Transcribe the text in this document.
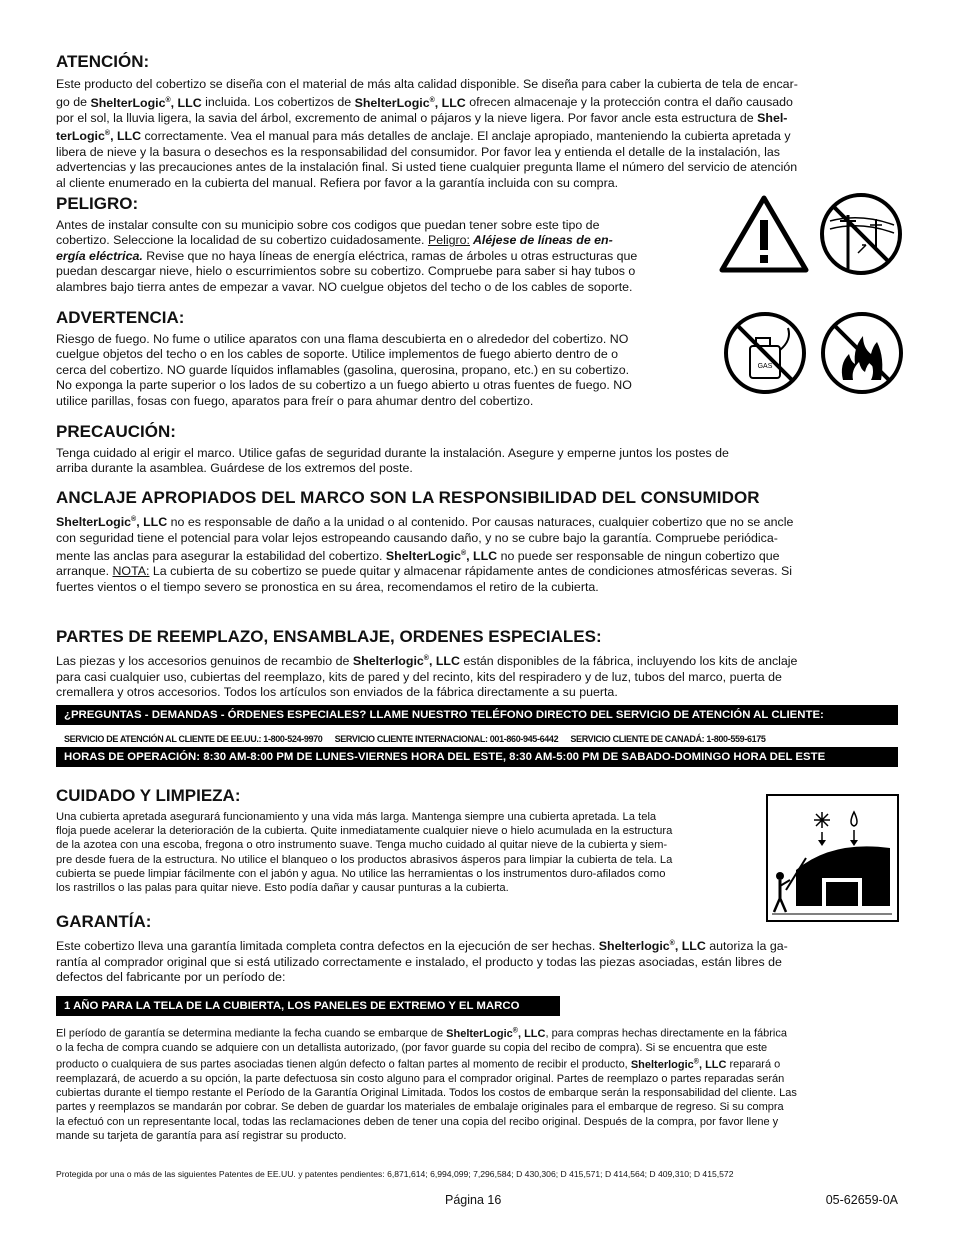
ATENCIÓN:
Este producto del cobertizo se diseña con el material de más alta calidad disponible. Se diseña para caber la cubierta de tela de encar-
go de ShelterLogic®, LLC incluida. Los cobertizos de ShelterLogic®, LLC ofrecen almacenaje y la protección contra el daño causado
por el sol, la lluvia ligera, la savia del árbol, excremento de animal o pájaros y la nieve ligera. Por favor ancle esta estructura de Shel-
terLogic®, LLC correctamente. Vea el manual para más detalles de anclaje. El anclaje apropiado, manteniendo la cubierta apretada y
libera de nieve y la basura o desechos es la responsabilidad del consumidor. Por favor lea y entienda el detalle de la instalación, las
advertencias y las precauciones antes de la instalación final. Si usted tiene cualquier pregunta llame el número del servicio de atención
al cliente enumerado en la cubierta del manual. Refiera por favor a la garantía incluida con su compra.
PELIGRO:
Antes de instalar consulte con su municipio sobre cos codigos que puedan tener sobre este tipo de
cobertizo. Seleccione la localidad de su cobertizo cuidadosamente. Peligro: Aléjese de líneas de en-
ergía eléctrica. Revise que no haya líneas de energía eléctrica, ramas de árboles u otras estructuras que
puedan descargar nieve, hielo o escurrimientos sobre su cobertizo. Compruebe para saber si hay tubos o
alambres bajo tierra antes de empezar a vavar. NO cuelgue objetos del techo o de los cables de soporte.
ADVERTENCIA:
Riesgo de fuego. No fume o utilice aparatos con una flama descubierta en o alrededor del cobertizo. NO
cuelgue objetos del techo o en los cables de soporte. Utilice implementos de fuego abierto dentro de o
cerca del cobertizo. NO guarde líquidos inflamables (gasolina, querosina, propano, etc.) en su cobertizo.
No exponga la parte superior o los lados de su cobertizo a un fuego abierto u otras fuentes de fuego. NO
utilice parillas, fosas con fuego, aparatos para freír o para ahumar dentro del cobertizo.
GAS
PRECAUCIÓN:
Tenga cuidado al erigir el marco. Utilice gafas de seguridad durante la instalación. Asegure y emperne juntos los postes de
arriba durante la asamblea. Guárdese de los extremos del poste.
ANCLAJE APROPIADOS DEL MARCO SON LA RESPONSIBILIDAD DEL CONSUMIDOR
ShelterLogic®, LLC no es responsable de daño a la unidad o al contenido. Por causas naturaces, cualquier cobertizo que no se ancle
con seguridad tiene el potencial para volar lejos estropeando causando daño, y no se cubre bajo la garantía. Compruebe periódica-
mente las anclas para asegurar la estabilidad del cobertizo. ShelterLogic®, LLC no puede ser responsable de ningun cobertizo que
arranque. NOTA: La cubierta de su cobertizo se puede quitar y almacenar rápidamente antes de condiciones atmosféricas severas. Si
fuertes vientos o el tiempo severo se pronostica en su área, recomendamos el retiro de la cubierta.
PARTES DE REEMPLAZO, ENSAMBLAJE, ORDENES ESPECIALES:
Las piezas y los accesorios genuinos de recambio de Shelterlogic®, LLC están disponibles de la fábrica, incluyendo los kits de anclaje
para casi cualquier uso, cubiertas del reemplazo, kits de pared y del recinto, kits del respiradero y de luz, tubos del marco, puerta de
cremallera y otros accesorios. Todos los artículos son enviados de la fábrica directamente a su puerta.
¿PREGUNTAS - DEMANDAS - ÓRDENES ESPECIALES? LLAME NUESTRO TELÉFONO DIRECTO DEL SERVICIO DE ATENCIÓN AL CLIENTE:
SERVICIO DE ATENCIÓN AL CLIENTE DE EE.UU.: 1-800-524-9970 SERVICIO CLIENTE INTERNACIONAL: 001-860-945-6442 SERVICIO CLIENTE DE CANADÁ: 1-800-559-6175
HORAS DE OPERACIÓN: 8:30 AM-8:00 PM DE LUNES-VIERNES HORA DEL ESTE, 8:30 AM-5:00 PM DE SABADO-DOMINGO HORA DEL ESTE
CUIDADO Y LIMPIEZA:
Una cubierta apretada asegurará funcionamiento y una vida más larga. Mantenga siempre una cubierta apretada. La tela
floja puede acelerar la deterioración de la cubierta. Quite inmediatamente cualquier nieve o hielo acumulada en la estructura
de la azotea con una escoba, fregona o otro instrumento suave. Tenga mucho cuidado al quitar nieve de la cubierta y siem-
pre desde fuera de la estructura. No utilice el blanqueo o los productos abrasivos ásperos para limpiar la cubierta de tela. La
cubierta se puede limpiar fácilmente con el jabón y agua. No utilice las herramientas o los instrumentos duro-afilados como
los rastrillos o las palas para quitar nieve. Esto podía dañar y causar punturas a la cubierta.
GARANTÍA:
Este cobertizo lleva una garantía limitada completa contra defectos en la ejecución de ser hechas. Shelterlogic®, LLC autoriza la ga-
rantía al comprador original que si está utilizado correctamente e instalado, el producto y todas las piezas asociadas, están libres de
defectos del fabricante por un período de:
1 AÑO PARA LA TELA DE LA CUBIERTA, LOS PANELES DE EXTREMO Y EL MARCO
El período de garantía se determina mediante la fecha cuando se embarque de ShelterLogic®, LLC, para compras hechas directamente en la fábrica
o la fecha de compra cuando se adquiere con un detallista autorizado, (por favor guarde su copia del recibo de compra). Si se encuentra que este
producto o cualquiera de sus partes asociadas tienen algún defecto o faltan partes al momento de recibir el producto, Shelterlogic®, LLC reparará o
reemplazará, de acuerdo a su opción, la parte defectuosa sin costo alguno para el comprador original. Partes de reemplazo o partes reparadas serán
cubiertas durante el tiempo restante el Período de la Garantía Original Limitada. Todos los costos de embarque serán la responsabilidad del cliente. Las
partes y reemplazos se mandarán por cobrar. Se deben de guardar los materiales de embalaje originales para el embarque de regreso. Si su compra
la efectuó con un representante local, todas las reclamaciones deben de tener una copia del recibo original. Después de la compra, por favor llene y
mande su tarjeta de garantía para así registrar su producto.
Protegida por una o más de las siguientes Patentes de EE.UU. y patentes pendientes: 6,871,614; 6,994,099; 7,296,584; D 430,306; D 415,571; D 414,564; D 409,310; D 415,572
Página 16	05-62659-0A
